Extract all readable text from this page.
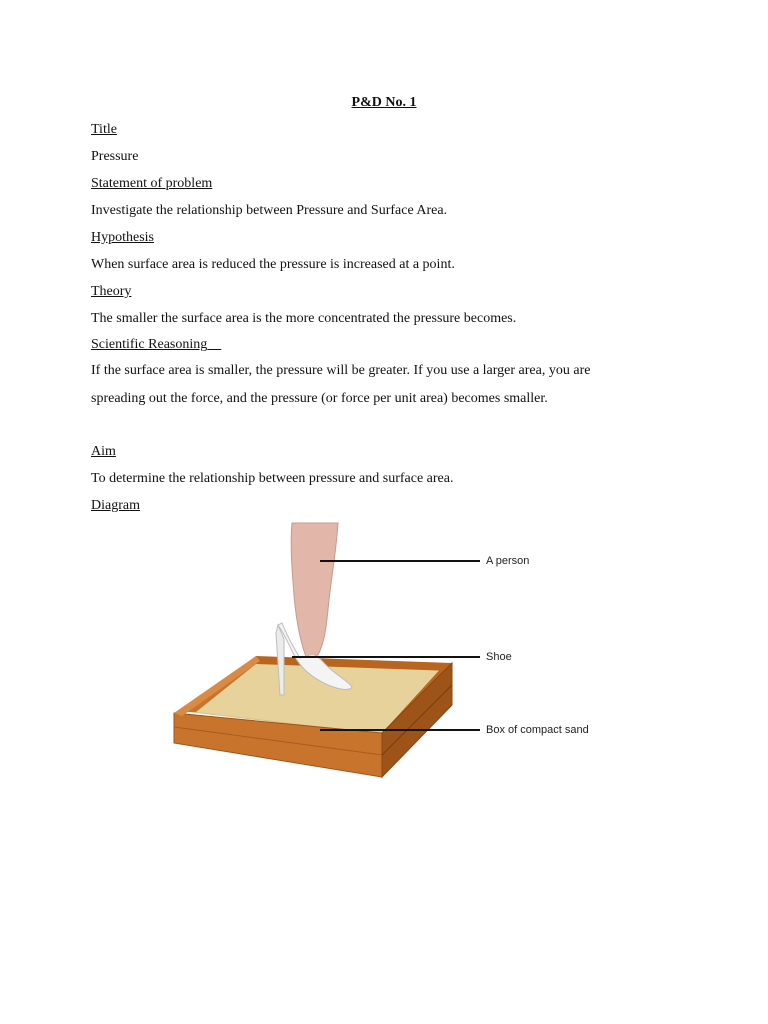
P&D No. 1
Title
Pressure
Statement of problem
Investigate the relationship between Pressure and Surface Area.
Hypothesis
When surface area is reduced the pressure is increased at a point.
Theory
The smaller the surface area is the more concentrated the pressure becomes.
Scientific Reasoning
If the surface area is smaller, the pressure will be greater. If you use a larger area, you are
spreading out the force, and the pressure (or force per unit area) becomes smaller.
Aim
To determine the relationship between pressure and surface area.
Diagram
A person
Shoe
Box of compact sand
